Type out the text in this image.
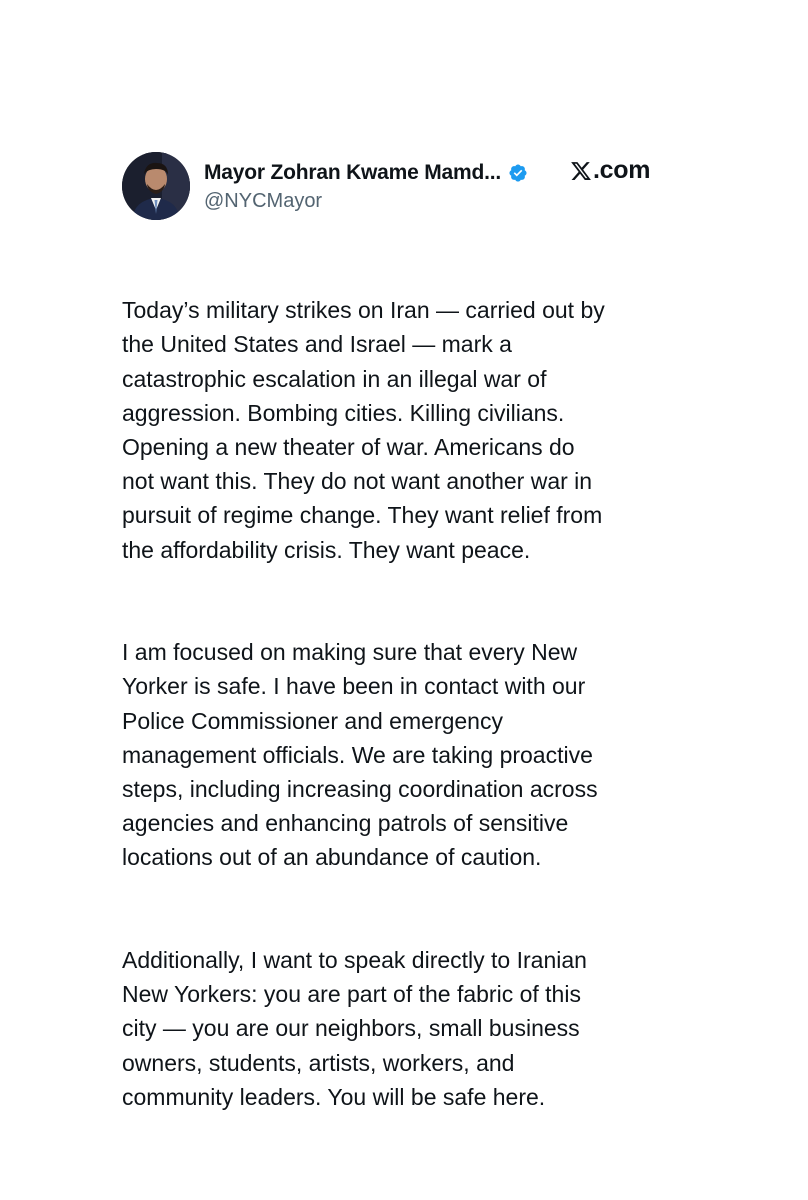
Mayor Zohran Kwame Mamd...
@NYCMayor
.com

Today’s military strikes on Iran — carried out by
the United States and Israel — mark a
catastrophic escalation in an illegal war of
aggression. Bombing cities. Killing civilians.
Opening a new theater of war. Americans do
not want this. They do not want another war in
pursuit of regime change. They want relief from
the affordability crisis. They want peace.

I am focused on making sure that every New
Yorker is safe. I have been in contact with our
Police Commissioner and emergency
management officials. We are taking proactive
steps, including increasing coordination across
agencies and enhancing patrols of sensitive
locations out of an abundance of caution.

Additionally, I want to speak directly to Iranian
New Yorkers: you are part of the fabric of this
city — you are our neighbors, small business
owners, students, artists, workers, and
community leaders. You will be safe here.
